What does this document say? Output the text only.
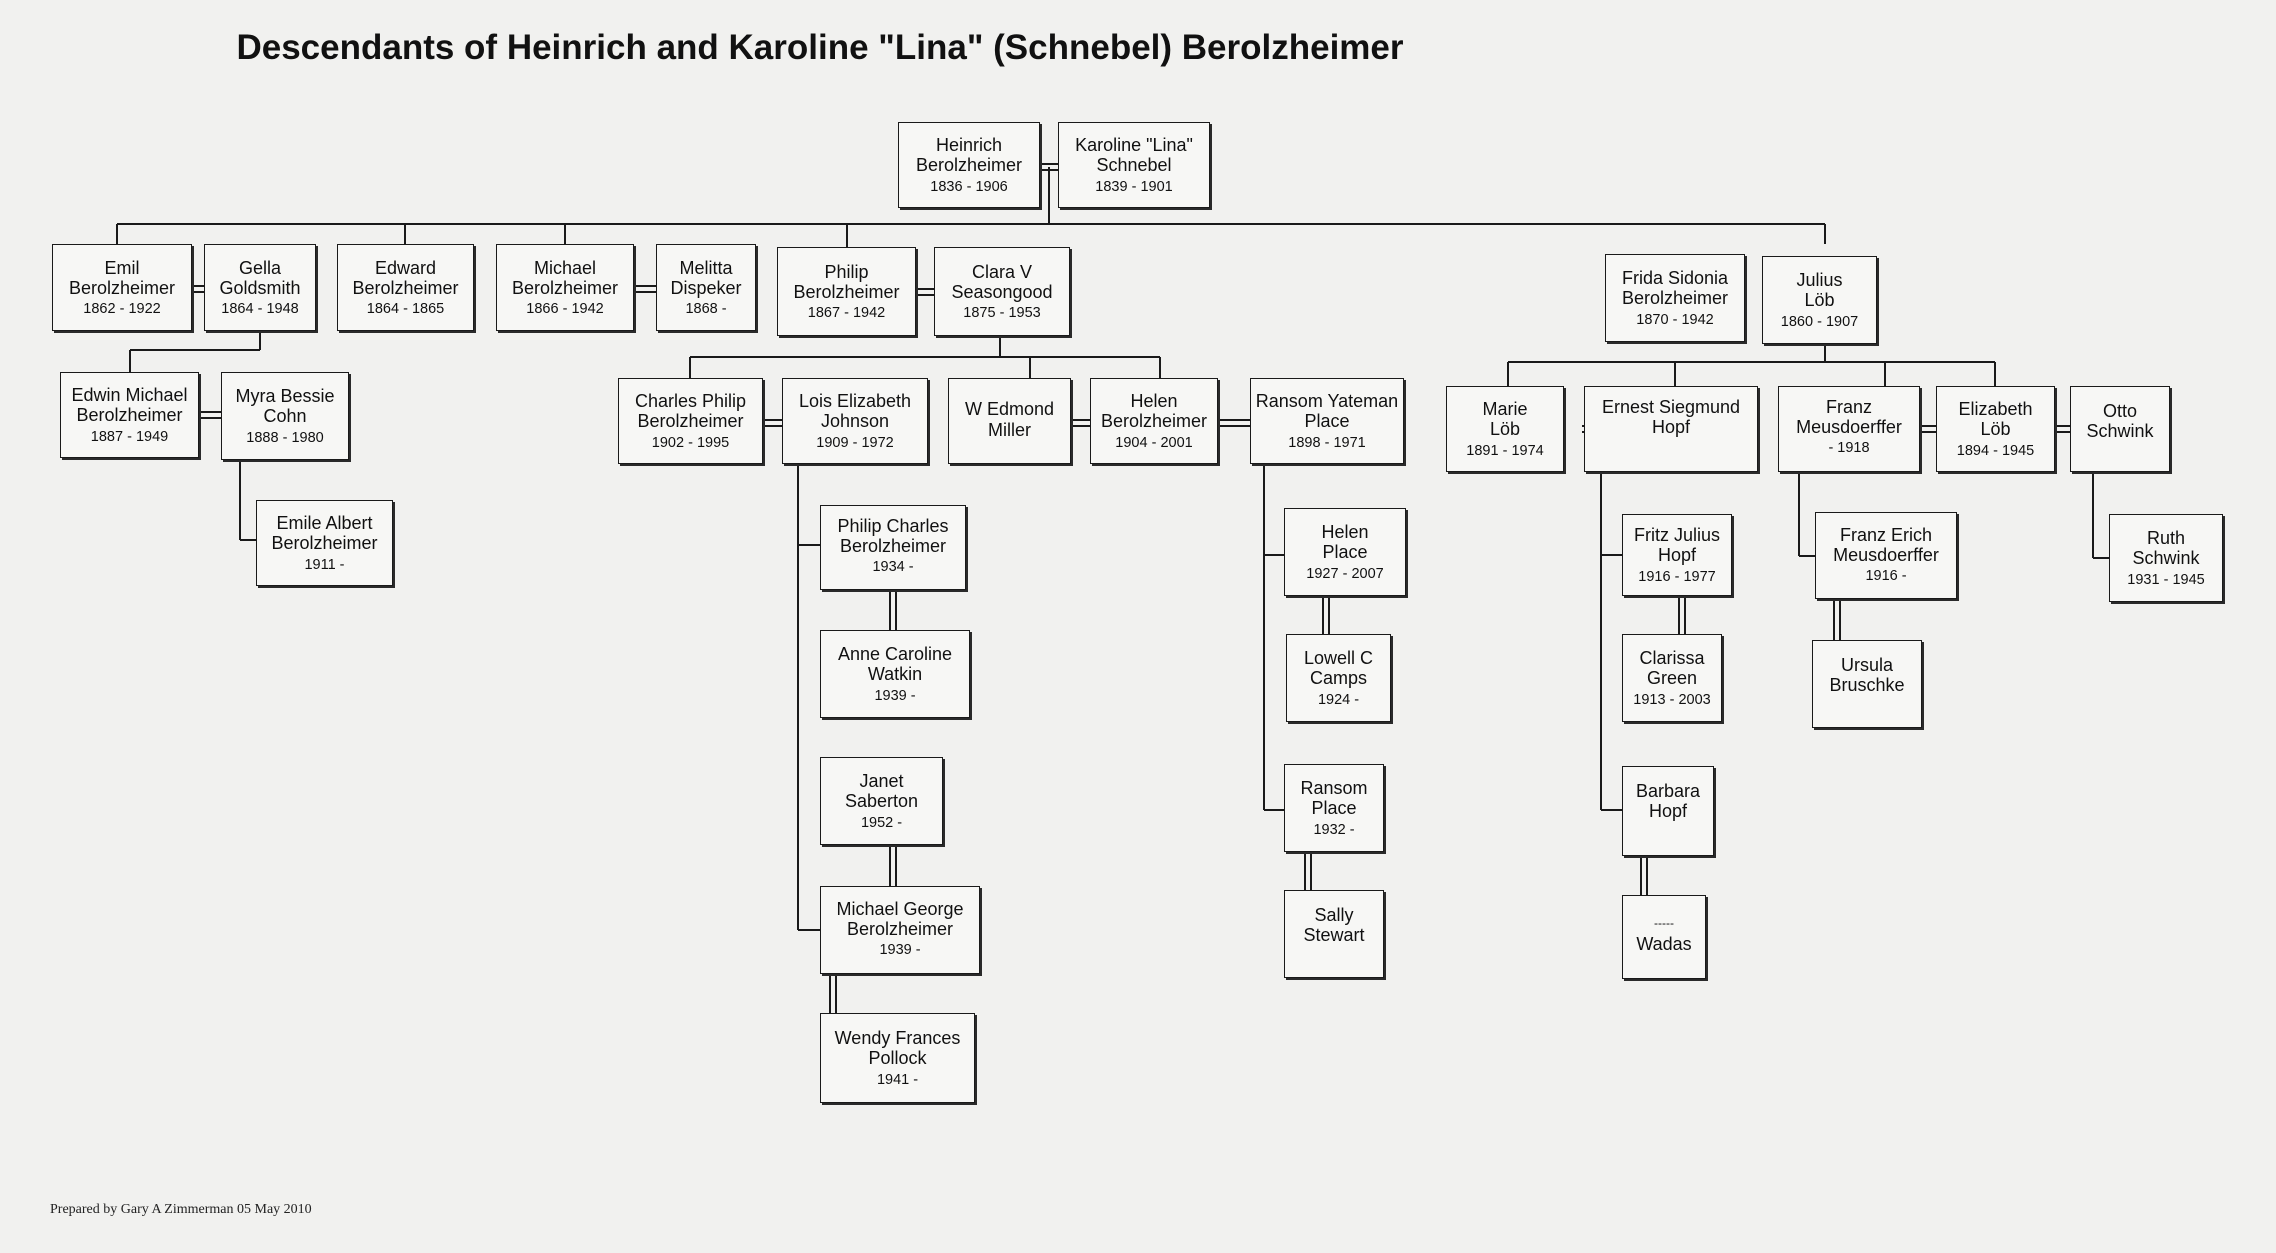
Descendants of Heinrich and Karoline "Lina" (Schnebel) Berolzheimer
Heinrich
Berolzheimer
1836 - 1906
Karoline "Lina"
Schnebel
1839 - 1901
Emil
Berolzheimer
1862 - 1922
Gella
Goldsmith
1864 - 1948
Edward
Berolzheimer
1864 - 1865
Michael
Berolzheimer
1866 - 1942
Melitta
Dispeker
1868 -
Philip
Berolzheimer
1867 - 1942
Clara V
Seasongood
1875 - 1953
Frida Sidonia
Berolzheimer
1870 - 1942
Julius
Löb
1860 - 1907
Edwin Michael
Berolzheimer
1887 - 1949
Myra Bessie
Cohn
1888 - 1980
Emile Albert
Berolzheimer
1911 -
Charles Philip
Berolzheimer
1902 - 1995
Lois Elizabeth
Johnson
1909 - 1972
W Edmond
Miller
Helen
Berolzheimer
1904 - 2001
Ransom Yateman
Place
1898 - 1971
Marie
Löb
1891 - 1974
Ernest Siegmund
Hopf
Franz
Meusdoerffer
- 1918
Elizabeth
Löb
1894 - 1945
Otto
Schwink
Philip Charles
Berolzheimer
1934 -
Anne Caroline
Watkin
1939 -
Janet
Saberton
1952 -
Michael George
Berolzheimer
1939 -
Wendy Frances
Pollock
1941 -
Helen
Place
1927 - 2007
Lowell C
Camps
1924 -
Ransom
Place
1932 -
Sally
Stewart
Fritz Julius
Hopf
1916 - 1977
Clarissa
Green
1913 - 2003
Barbara
Hopf
-----
Wadas
Franz Erich
Meusdoerffer
1916 -
Ursula
Bruschke
Ruth
Schwink
1931 - 1945
Prepared by Gary A Zimmerman 05 May 2010
